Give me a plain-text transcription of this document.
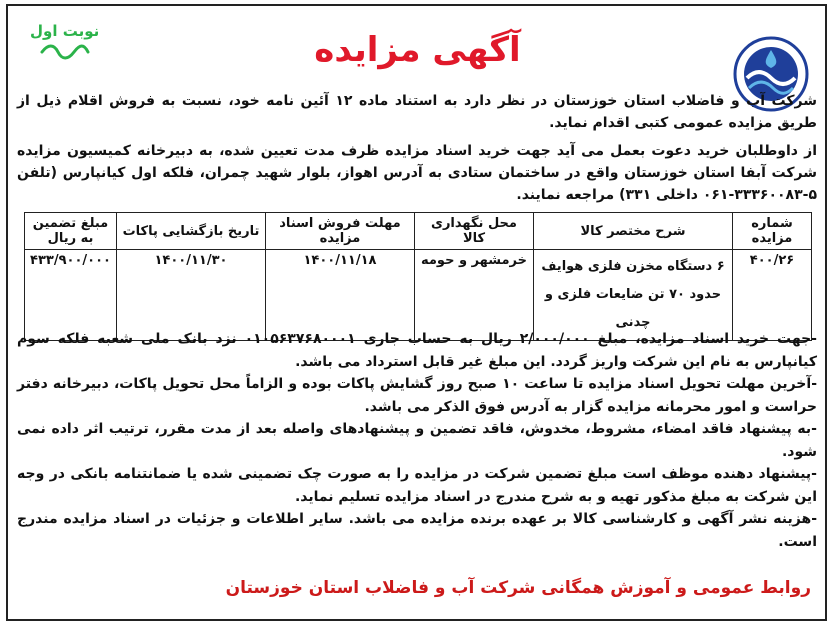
نوبت اول	آگهی مزایده
شرکت آب و فاضلاب استان خوزستان در نظر دارد به استناد ماده ۱۲ آئین نامه خود، نسبت به فروش اقلام ذیل از طریق مزایده عمومی کتبی اقدام نماید.
از داوطلبان خرید دعوت بعمل می آید جهت خرید اسناد مزایده ظرف مدت تعیین شده، به دبیرخانه کمیسیون مزایده شرکت آبفا استان خوزستان واقع در ساختمان ستادی به آدرس اهواز، بلوار شهید چمران، فلکه اول کیانپارس (تلفن ۵-۳۳۳۶۰۰۸۳-۰۶۱ داخلی ۳۳۱) مراجعه نمایند.
شماره مزایده	شرح مختصر کالا	محل نگهداری کالا	مهلت فروش اسناد مزایده	تاریخ بازگشایی پاکات	مبلغ تضمین به ریال
۴۰۰/۲۶	۶ دستگاه مخزن فلزی هوایف حدود ۷۰ تن ضایعات فلزی و چدنی	خرمشهر و حومه	۱۴۰۰/۱۱/۱۸	۱۴۰۰/۱۱/۳۰	۴۳۳/۹۰۰/۰۰۰

-جهت خرید اسناد مزایده، مبلغ ۲/۰۰۰/۰۰۰ ریال به حساب جاری ۰۱۰۵۶۳۷۶۸۰۰۰۱ نزد بانک ملی شعبه فلکه سوم کیانپارس به نام این شرکت واریز گردد. این مبلغ غیر قابل استرداد می باشد.

-آخرین مهلت تحویل اسناد مزایده تا ساعت ۱۰ صبح روز گشایش پاکات بوده و الزاماً محل تحویل پاکات، دبیرخانه دفتر حراست و امور محرمانه مزایده گزار به آدرس فوق الذکر می باشد.

-به پیشنهاد فاقد امضاء، مشروط، مخدوش، فاقد تضمین و پیشنهادهای واصله بعد از مدت مقرر، ترتیب اثر داده نمی شود.

-پیشنهاد دهنده موظف است مبلغ تضمین شرکت در مزایده را به صورت چک تضمینی شده یا ضمانتنامه بانکی در وجه این شرکت به مبلغ مذکور تهیه و به شرح مندرج در اسناد مزایده تسلیم نماید.

-هزینه نشر آگهی و کارشناسی کالا بر عهده برنده مزایده می باشد. سایر اطلاعات و جزئیات در اسناد مزایده مندرج است.

روابط عمومی و آموزش همگانی شرکت آب و فاضلاب استان خوزستان
